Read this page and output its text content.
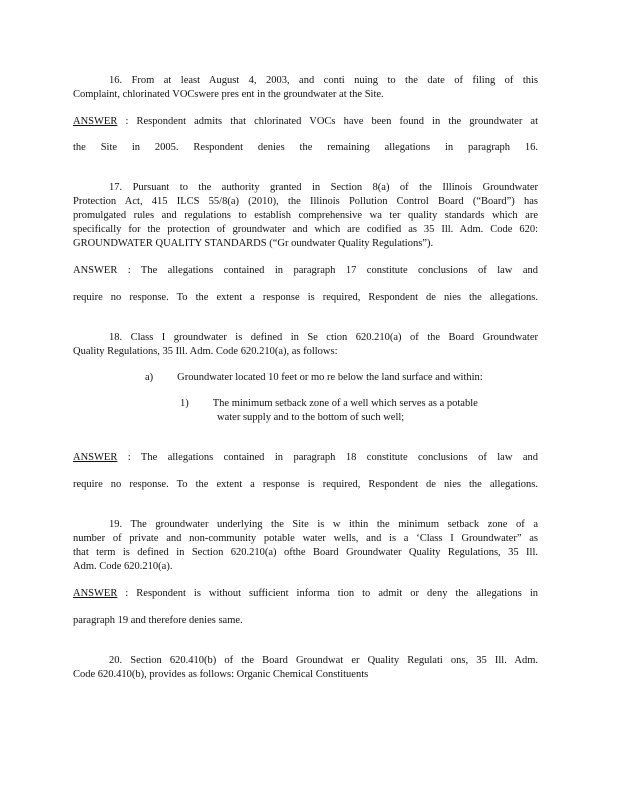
16. From at least August 4, 2003, and conti nuing to the date of filing of this
Complaint, chlorinated VOCswere pres ent in the groundwater at the Site.
ANSWER : Respondent admits that chlorinated VOCs have been found in the groundwater at
the Site in 2005. Respondent denies the remaining allegations in paragraph 16.
17. Pursuant to the authority granted in Section 8(a) of the Illinois Groundwater
Protection Act, 415 ILCS 55/8(a) (2010), the Illinois Pollution Control Board (“Board”) has
promulgated rules and regulations to establish comprehensive wa ter quality standards which are
specifically for the protection of groundwater and which are codified as 35 Ill. Adm. Code 620:
GROUNDWATER QUALITY STANDARDS (“Gr oundwater Quality Regulations”).
ANSWER : The allegations contained in paragraph 17 constitute conclusions of law and
require no response. To the extent a response is required, Respondent de nies the allegations.
18. Class I groundwater is defined in Se ction 620.210(a) of the Board Groundwater
Quality Regulations, 35 Ill. Adm. Code 620.210(a), as follows:
a) Groundwater located 10 feet or mo re below the land surface and within:
1) The minimum setback zone of a well which serves as a potable
water supply and to the bottom of such well;
ANSWER : The allegations contained in paragraph 18 constitute conclusions of law and
require no response. To the extent a response is required, Respondent de nies the allegations.
19. The groundwater underlying the Site is w ithin the minimum setback zone of a
number of private and non-community potable water wells, and is a ‘Class I Groundwater” as
that term is defined in Section 620.210(a) ofthe Board Groundwater Quality Regulations, 35 Ill.
Adm. Code 620.210(a).
ANSWER : Respondent is without sufficient informa tion to admit or deny the allegations in
paragraph 19 and therefore denies same.
20. Section 620.410(b) of the Board Groundwat er Quality Regulati ons, 35 Ill. Adm.
Code 620.410(b), provides as follows: Organic Chemical Constituents
